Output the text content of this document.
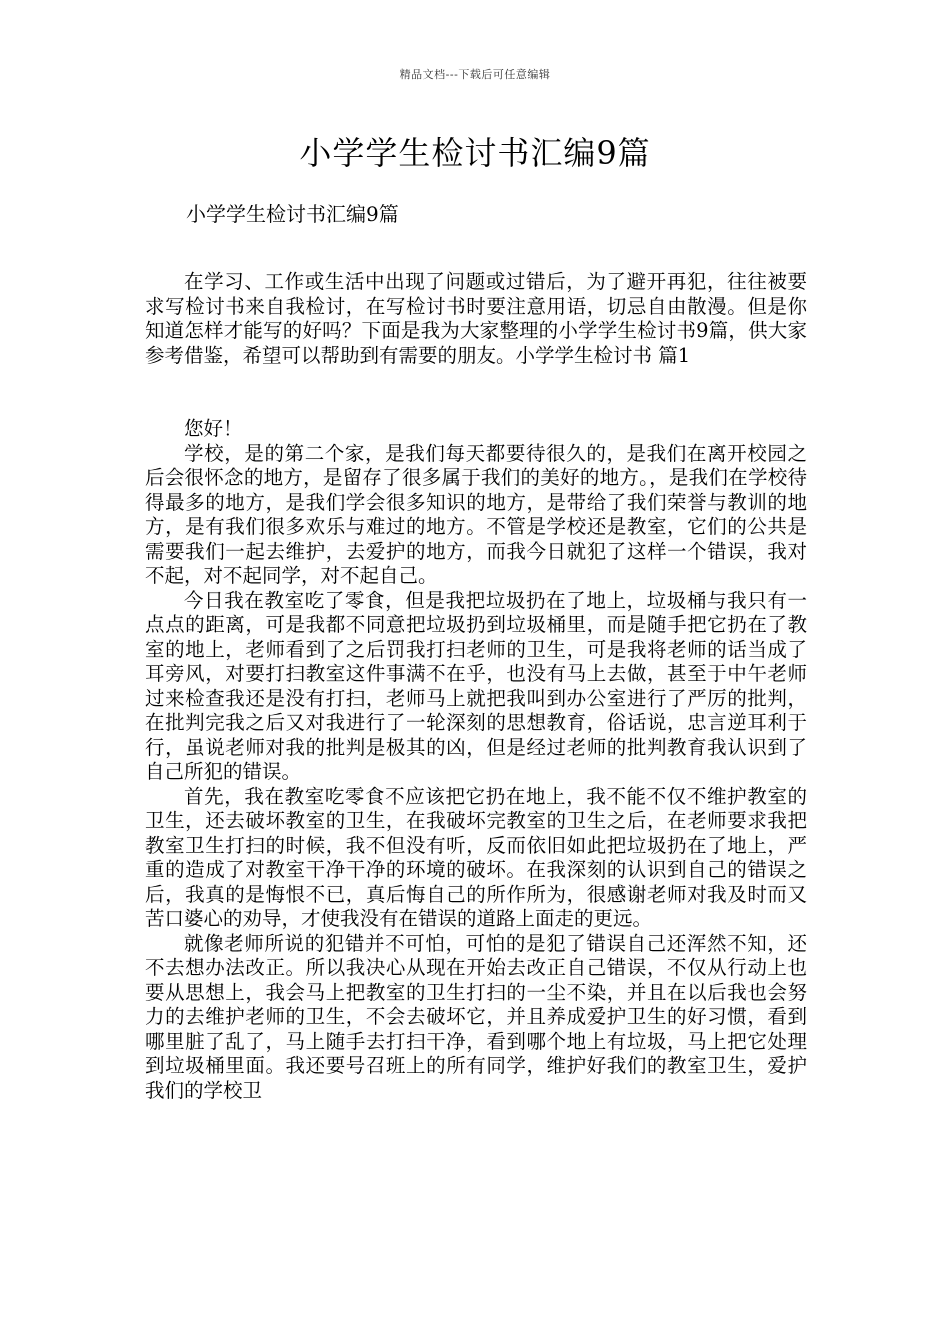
精品文档---下载后可任意编辑
小学学生检讨书汇编9篇
小学学生检讨书汇编9篇

在学习、工作或生活中出现了问题或过错后，为了避开再犯，往往被要求写检讨书来自我检讨，在写检讨书时要注意用语，切忌自由散漫。但是你知道怎样才能写的好吗？下面是我为大家整理的小学学生检讨书9篇，供大家参考借鉴，希望可以帮助到有需要的朋友。小学学生检讨书 篇1

您好！

学校，是的第二个家，是我们每天都要待很久的，是我们在离开校园之后会很怀念的地方，是留存了很多属于我们的美好的地方。，是我们在学校待得最多的地方，是我们学会很多知识的地方，是带给了我们荣誉与教训的地方，是有我们很多欢乐与难过的地方。不管是学校还是教室，它们的公共是需要我们一起去维护，去爱护的地方，而我今日就犯了这样一个错误，我对不起，对不起同学，对不起自己。

今日我在教室吃了零食，但是我把垃圾扔在了地上，垃圾桶与我只有一点点的距离，可是我都不同意把垃圾扔到垃圾桶里，而是随手把它扔在了教室的地上，老师看到了之后罚我打扫老师的卫生，可是我将老师的话当成了耳旁风，对要打扫教室这件事满不在乎，也没有马上去做，甚至于中午老师过来检查我还是没有打扫，老师马上就把我叫到办公室进行了严厉的批判，在批判完我之后又对我进行了一轮深刻的思想教育，俗话说，忠言逆耳利于行，虽说老师对我的批判是极其的凶，但是经过老师的批判教育我认识到了自己所犯的错误。

首先，我在教室吃零食不应该把它扔在地上，我不能不仅不维护教室的卫生，还去破坏教室的卫生，在我破坏完教室的卫生之后，在老师要求我把教室卫生打扫的时候，我不但没有听，反而依旧如此把垃圾扔在了地上，严重的造成了对教室干净干净的环境的破坏。在我深刻的认识到自己的错误之后，我真的是悔恨不已，真后悔自己的所作所为，很感谢老师对我及时而又苦口婆心的劝导，才使我没有在错误的道路上面走的更远。

就像老师所说的犯错并不可怕，可怕的是犯了错误自己还浑然不知，还不去想办法改正。所以我决心从现在开始去改正自己错误，不仅从行动上也要从思想上，我会马上把教室的卫生打扫的一尘不染，并且在以后我也会努力的去维护老师的卫生，不会去破坏它，并且养成爱护卫生的好习惯，看到哪里脏了乱了，马上随手去打扫干净，看到哪个地上有垃圾，马上把它处理到垃圾桶里面。我还要号召班上的所有同学，维护好我们的教室卫生，爱护我们的学校卫
